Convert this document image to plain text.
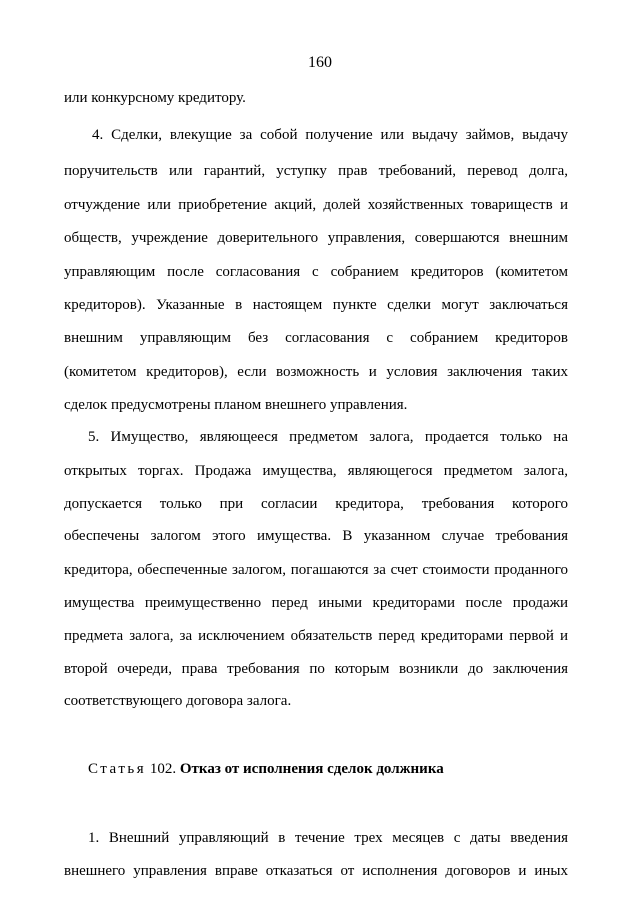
160
или конкурсному кредитору.
4. Сделки, влекущие за собой получение или выдачу займов, выдачу
поручительств или гарантий, уступку прав требований, перевод долга,
отчуждение или приобретение акций, долей хозяйственных товариществ и
обществ, учреждение доверительного управления, совершаются внешним
управляющим после согласования с собранием кредиторов (комитетом
кредиторов). Указанные в настоящем пункте сделки могут заключаться
внешним управляющим без согласования с собранием кредиторов
(комитетом кредиторов), если возможность и условия заключения таких
сделок предусмотрены планом внешнего управления.
5. Имущество, являющееся предметом залога, продается только на
открытых торгах. Продажа имущества, являющегося предметом залога,
допускается только при согласии кредитора, требования которого
обеспечены залогом этого имущества. В указанном случае требования
кредитора, обеспеченные залогом, погашаются за счет стоимости проданного
имущества преимущественно перед иными кредиторами после продажи
предмета залога, за исключением обязательств перед кредиторами первой и
второй очереди, права требования по которым возникли до заключения
соответствующего договора залога.
Статья 102. Отказ от исполнения сделок должника
1. Внешний управляющий в течение трех месяцев с даты введения
внешнего управления вправе отказаться от исполнения договоров и иных
